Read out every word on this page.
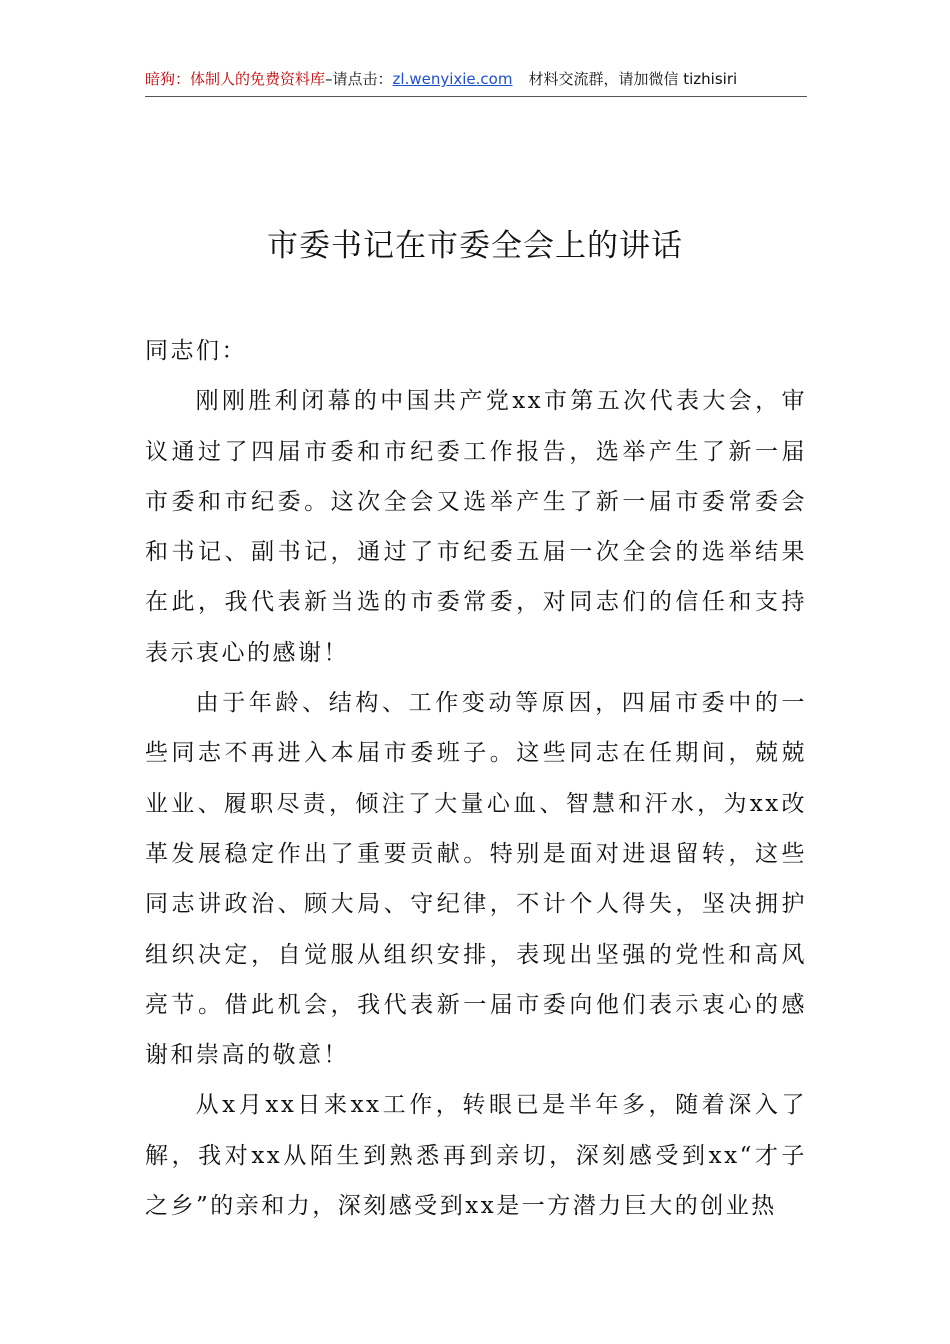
暗狗：体制人的免费资料库–请点击：zl.wenyixie.com 材料交流群，请加微信 tizhisiri
市委书记在市委全会上的讲话

同志们：

刚刚胜利闭幕的中国共产党xx市第五次代表大会，审议通过了四届市委和市纪委工作报告，选举产生了新一届市委和市纪委。这次全会又选举产生了新一届市委常委会和书记、副书记，通过了市纪委五届一次全会的选举结果在此，我代表新当选的市委常委，对同志们的信任和支持表示衷心的感谢！

由于年龄、结构、工作变动等原因，四届市委中的一些同志不再进入本届市委班子。这些同志在任期间，兢兢业业、履职尽责，倾注了大量心血、智慧和汗水，为xx改革发展稳定作出了重要贡献。特别是面对进退留转，这些同志讲政治、顾大局、守纪律，不计个人得失，坚决拥护组织决定，自觉服从组织安排，表现出坚强的党性和高风亮节。借此机会，我代表新一届市委向他们表示衷心的感谢和崇高的敬意！

从x月xx日来xx工作，转眼已是半年多，随着深入了解，我对xx从陌生到熟悉再到亲切，深刻感受到xx“才子之乡”的亲和力，深刻感受到xx是一方潜力巨大的创业热
